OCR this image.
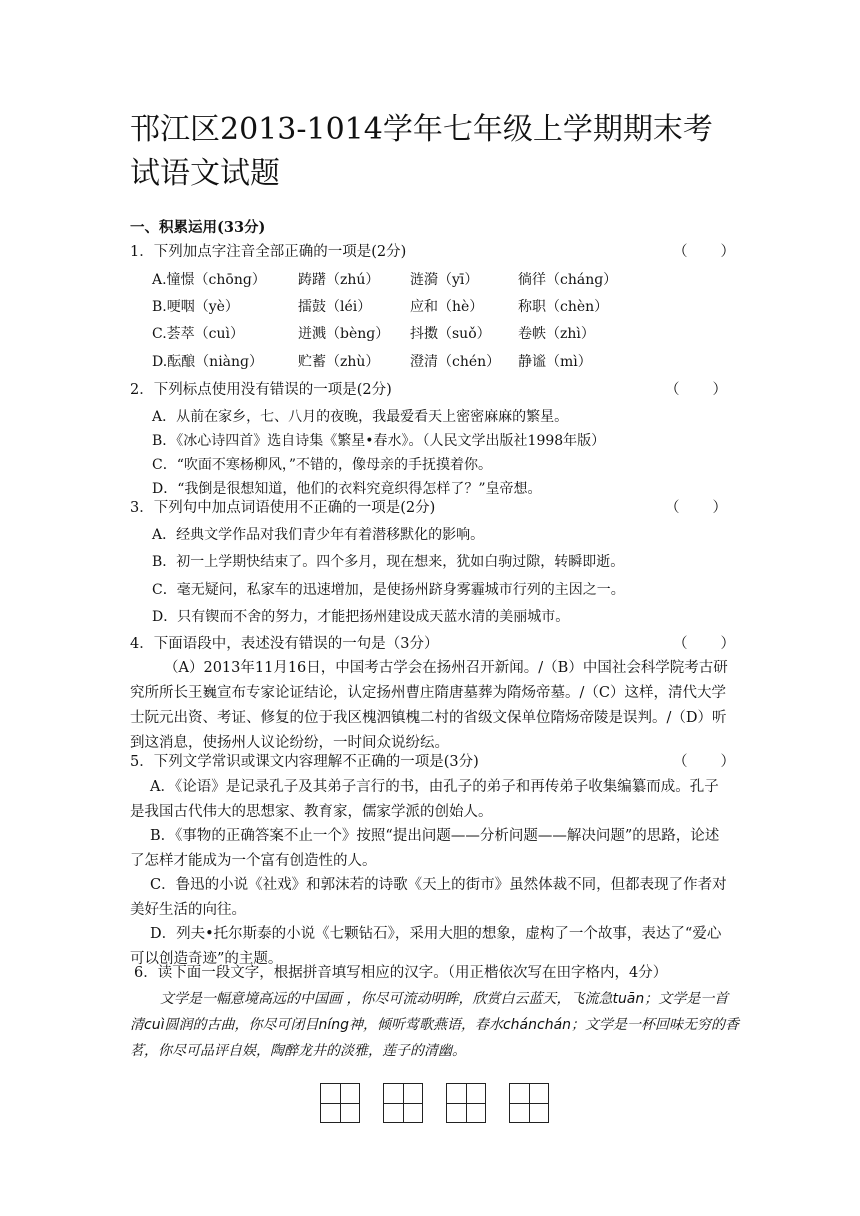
邗江区2013-1014学年七年级上学期期末考试语文试题
一、积累运用(33分)
1．下列加点字注音全部正确的一项是(2分)	（ ）
A.憧憬（chōnɡ） 踌躇（zhú） 涟漪（yī）	徜徉（chánɡ）
B.哽咽（yè）	擂鼓（léi）	应和（hè） 称职（chèn）
C.荟萃（cuì）	迸溅（bènɡ） 抖擞（suǒ） 卷帙（zhì）
D.酝酿（niànɡ）	贮蓄（zhù） 澄清（chén） 静谧（mì）
2．下列标点使用没有错误的一项是(2分)	（ ）
A．从前在家乡，七、八月的夜晚，我最爱看天上密密麻麻的繁星。
B．《冰心诗四首》选自诗集《繁星•春水》。（人民文学出版社1998年版）
C．“吹面不寒杨柳风，”不错的，像母亲的手抚摸着你。
D．“我倒是很想知道，他们的衣料究竟织得怎样了？”皇帝想。
3．下列句中加点词语使用不正确的一项是(2分)	（ ）
A．经典文学作品对我们青少年有着潜移默化的影响。
B．初一上学期快结束了。四个多月，现在想来，犹如白驹过隙，转瞬即逝。
C．毫无疑问，私家车的迅速增加，是使扬州跻身雾霾城市行列的主因之一。
D．只有锲而不舍的努力，才能把扬州建设成天蓝水清的美丽城市。
4．下面语段中，表述没有错误的一句是（3分）	（ ）
（A）2013年11月16日，中国考古学会在扬州召开新闻。/（B）中国社会科学院考古研究所所长王巍宣布专家论证结论，认定扬州曹庄隋唐墓葬为隋炀帝墓。/（C）这样，清代大学士阮元出资、考证、修复的位于我区槐泗镇槐二村的省级文保单位隋炀帝陵是误判。/（D）听到这消息，使扬州人议论纷纷，一时间众说纷纭。
5．下列文学常识或课文内容理解不正确的一项是(3分)	（ ）
A．《论语》是记录孔子及其弟子言行的书，由孔子的弟子和再传弟子收集编纂而成。孔子是我国古代伟大的思想家、教育家，儒家学派的创始人。
B．《事物的正确答案不止一个》按照“提出问题——分析问题——解决问题”的思路，论述了怎样才能成为一个富有创造性的人。
C．鲁迅的小说《社戏》和郭沫若的诗歌《天上的街市》虽然体裁不同，但都表现了作者对美好生活的向往。
D．列夫•托尔斯泰的小说《七颗钻石》，采用大胆的想象，虚构了一个故事，表达了“爱心可以创造奇迹”的主题。
6．读下面一段文字，根据拼音填写相应的汉字。（用正楷依次写在田字格内，4分）
文学是一幅意境高远的中国画 ，你尽可流动明眸，欣赏白云蓝天，飞流急tuān；文学是一首清cuì圆润的古曲，你尽可闭目níng神，倾听莺歌燕语，春水chánchán；文学是一杯回味无穷的香茗，你尽可品评自娱，陶醉龙井的淡雅，莲子的清幽。
